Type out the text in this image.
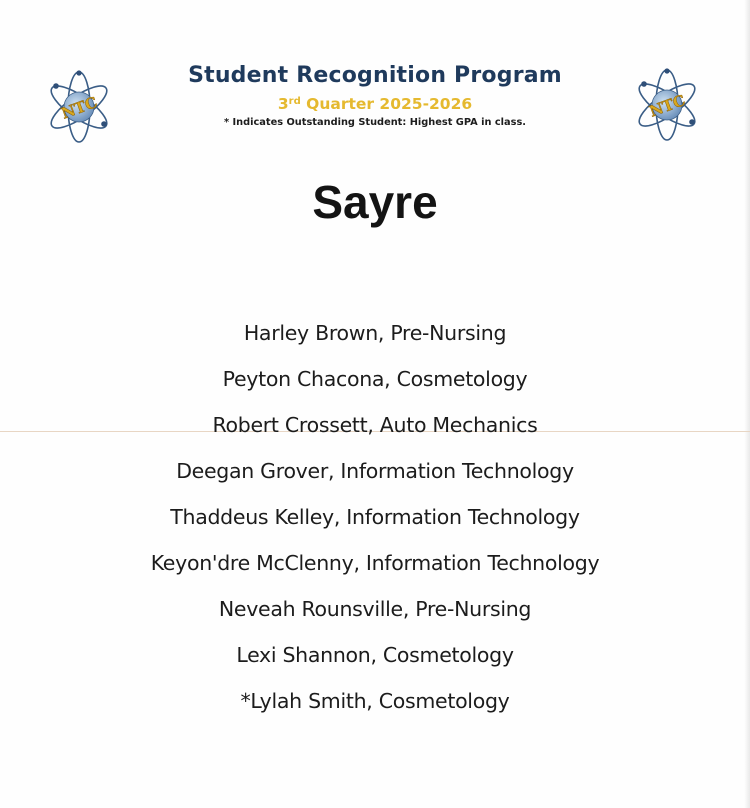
NTC	NTC
Student Recognition Program
3rd Quarter 2025-2026
* Indicates Outstanding Student: Highest GPA in class.
Sayre
Harley Brown, Pre-Nursing
Peyton Chacona, Cosmetology
Robert Crossett, Auto Mechanics
Deegan Grover, Information Technology
Thaddeus Kelley, Information Technology
Keyon'dre McClenny, Information Technology
Neveah Rounsville, Pre-Nursing
Lexi Shannon, Cosmetology
*Lylah Smith, Cosmetology
